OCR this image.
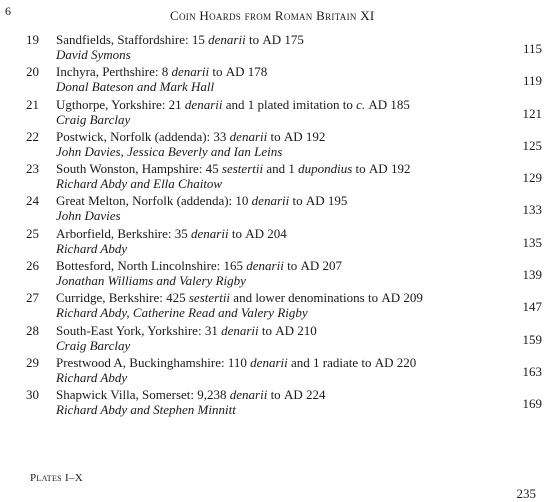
6	Coin Hoards from Roman Britain XI
19	Sandfields, Staffordshire: 15 denarii to AD 175
David Symons	115
20	Inchyra, Perthshire: 8 denarii to AD 178
Donal Bateson and Mark Hall	119
21	Ugthorpe, Yorkshire: 21 denarii and 1 plated imitation to c. AD 185
Craig Barclay	121
22	Postwick, Norfolk (addenda): 33 denarii to AD 192
John Davies, Jessica Beverly and Ian Leins	125
23	South Wonston, Hampshire: 45 sestertii and 1 dupondius to AD 192
Richard Abdy and Ella Chaitow	129
24	Great Melton, Norfolk (addenda): 10 denarii to AD 195
John Davies	133
25	Arborfield, Berkshire: 35 denarii to AD 204
Richard Abdy	135
26	Bottesford, North Lincolnshire: 165 denarii to AD 207
Jonathan Williams and Valery Rigby	139
27	Curridge, Berkshire: 425 sestertii and lower denominations to AD 209
Richard Abdy, Catherine Read and Valery Rigby	147
28	South-East York, Yorkshire: 31 denarii to AD 210
Craig Barclay	159
29	Prestwood A, Buckinghamshire: 110 denarii and 1 radiate to AD 220
Richard Abdy	163
30	Shapwick Villa, Somerset: 9,238 denarii to AD 224
Richard Abdy and Stephen Minnitt	169
Plates I–X
235
